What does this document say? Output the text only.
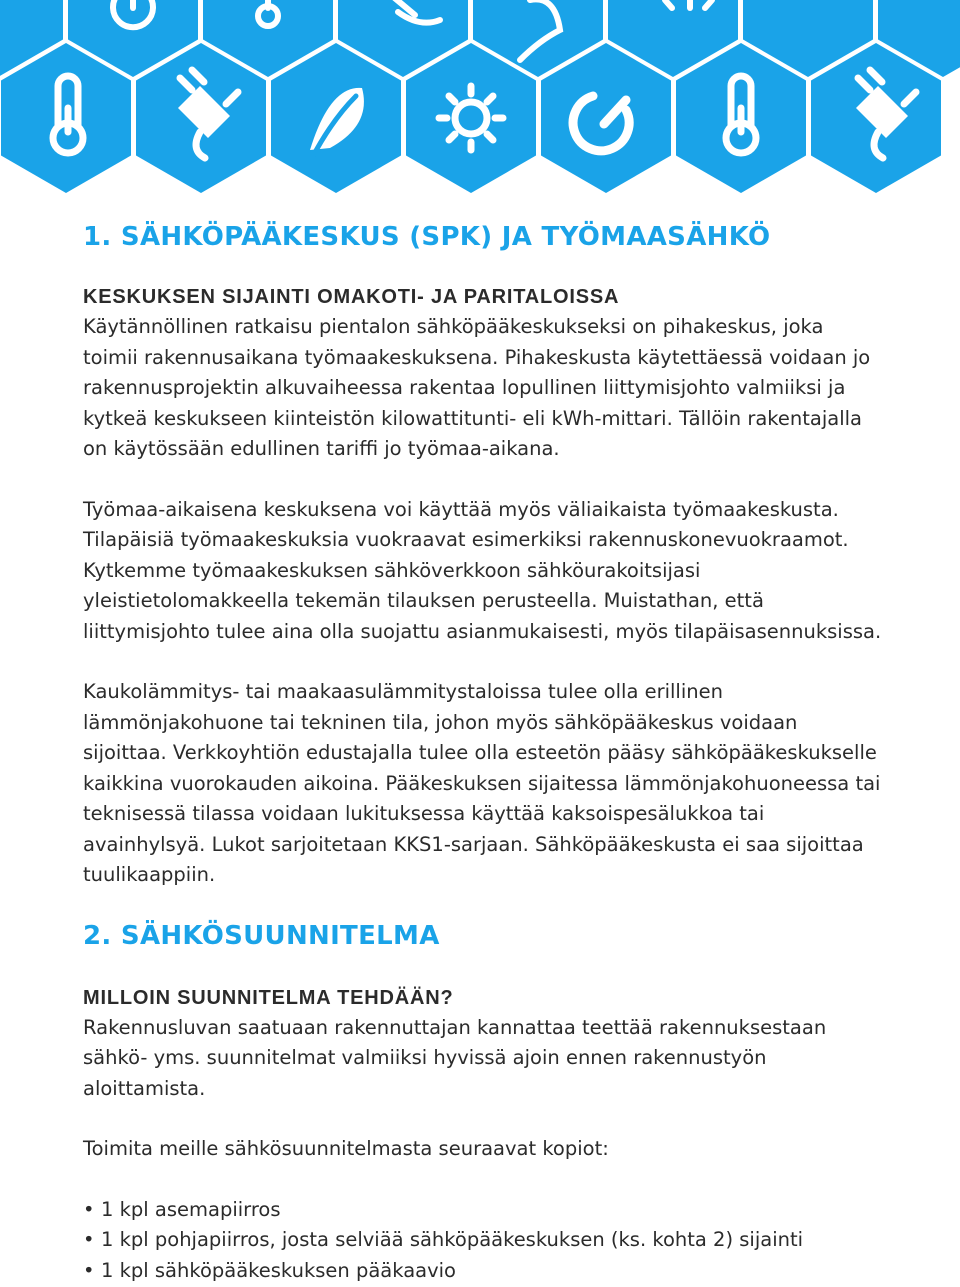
1. SÄHKÖPÄÄKESKUS (SPK) JA TYÖMAASÄHKÖ
KESKUKSEN SIJAINTI OMAKOTI- JA PARITALOISSA

Käytännöllinen ratkaisu pientalon sähköpääkeskukseksi on pihakeskus, joka toimii rakennusaikana työmaakeskuksena. Pihakeskusta käytettäessä voidaan jo rakennusprojektin alkuvaiheessa rakentaa lopullinen liittymisjohto valmiiksi ja kytkeä keskukseen kiinteistön kilowattitunti- eli kWh-mittari. Tällöin rakentajalla on käytössään edullinen tariffi jo työmaa-aikana.

Työmaa-aikaisena keskuksena voi käyttää myös väliaikaista työmaakeskusta. Tilapäisiä työmaakeskuksia vuokraavat esimerkiksi rakennuskonevuokraamot. Kytkemme työmaakeskuksen sähköverkkoon sähköurakoitsijasi yleistietolomakkeella tekemän tilauksen perusteella. Muistathan, että liittymisjohto tulee aina olla suojattu asianmukaisesti, myös tilapäisasennuksissa.

Kaukolämmitys- tai maakaasulämmitystaloissa tulee olla erillinen lämmönjakohuone tai tekninen tila, johon myös sähköpääkeskus voidaan sijoittaa. Verkkoyhtiön edustajalla tulee olla esteetön pääsy sähköpääkeskukselle kaikkina vuorokauden aikoina. Pääkeskuksen sijaitessa lämmönjakohuoneessa tai teknisessä tilassa voidaan lukituksessa käyttää kaksoispesälukkoa tai avainhylsyä. Lukot sarjoitetaan KKS1-sarjaan. Sähköpääkeskusta ei saa sijoittaa tuulikaappiin.

2. SÄHKÖSUUNNITELMA
MILLOIN SUUNNITELMA TEHDÄÄN?

Rakennusluvan saatuaan rakennuttajan kannattaa teettää rakennuksestaan sähkö- yms. suunnitelmat valmiiksi hyvissä ajoin ennen rakennustyön aloittamista.

Toimita meille sähkösuunnitelmasta seuraavat kopiot:

• 1 kpl asemapiirros
• 1 kpl pohjapiirros, josta selviää sähköpääkeskuksen (ks. kohta 2) sijainti
• 1 kpl sähköpääkeskuksen pääkaavio
